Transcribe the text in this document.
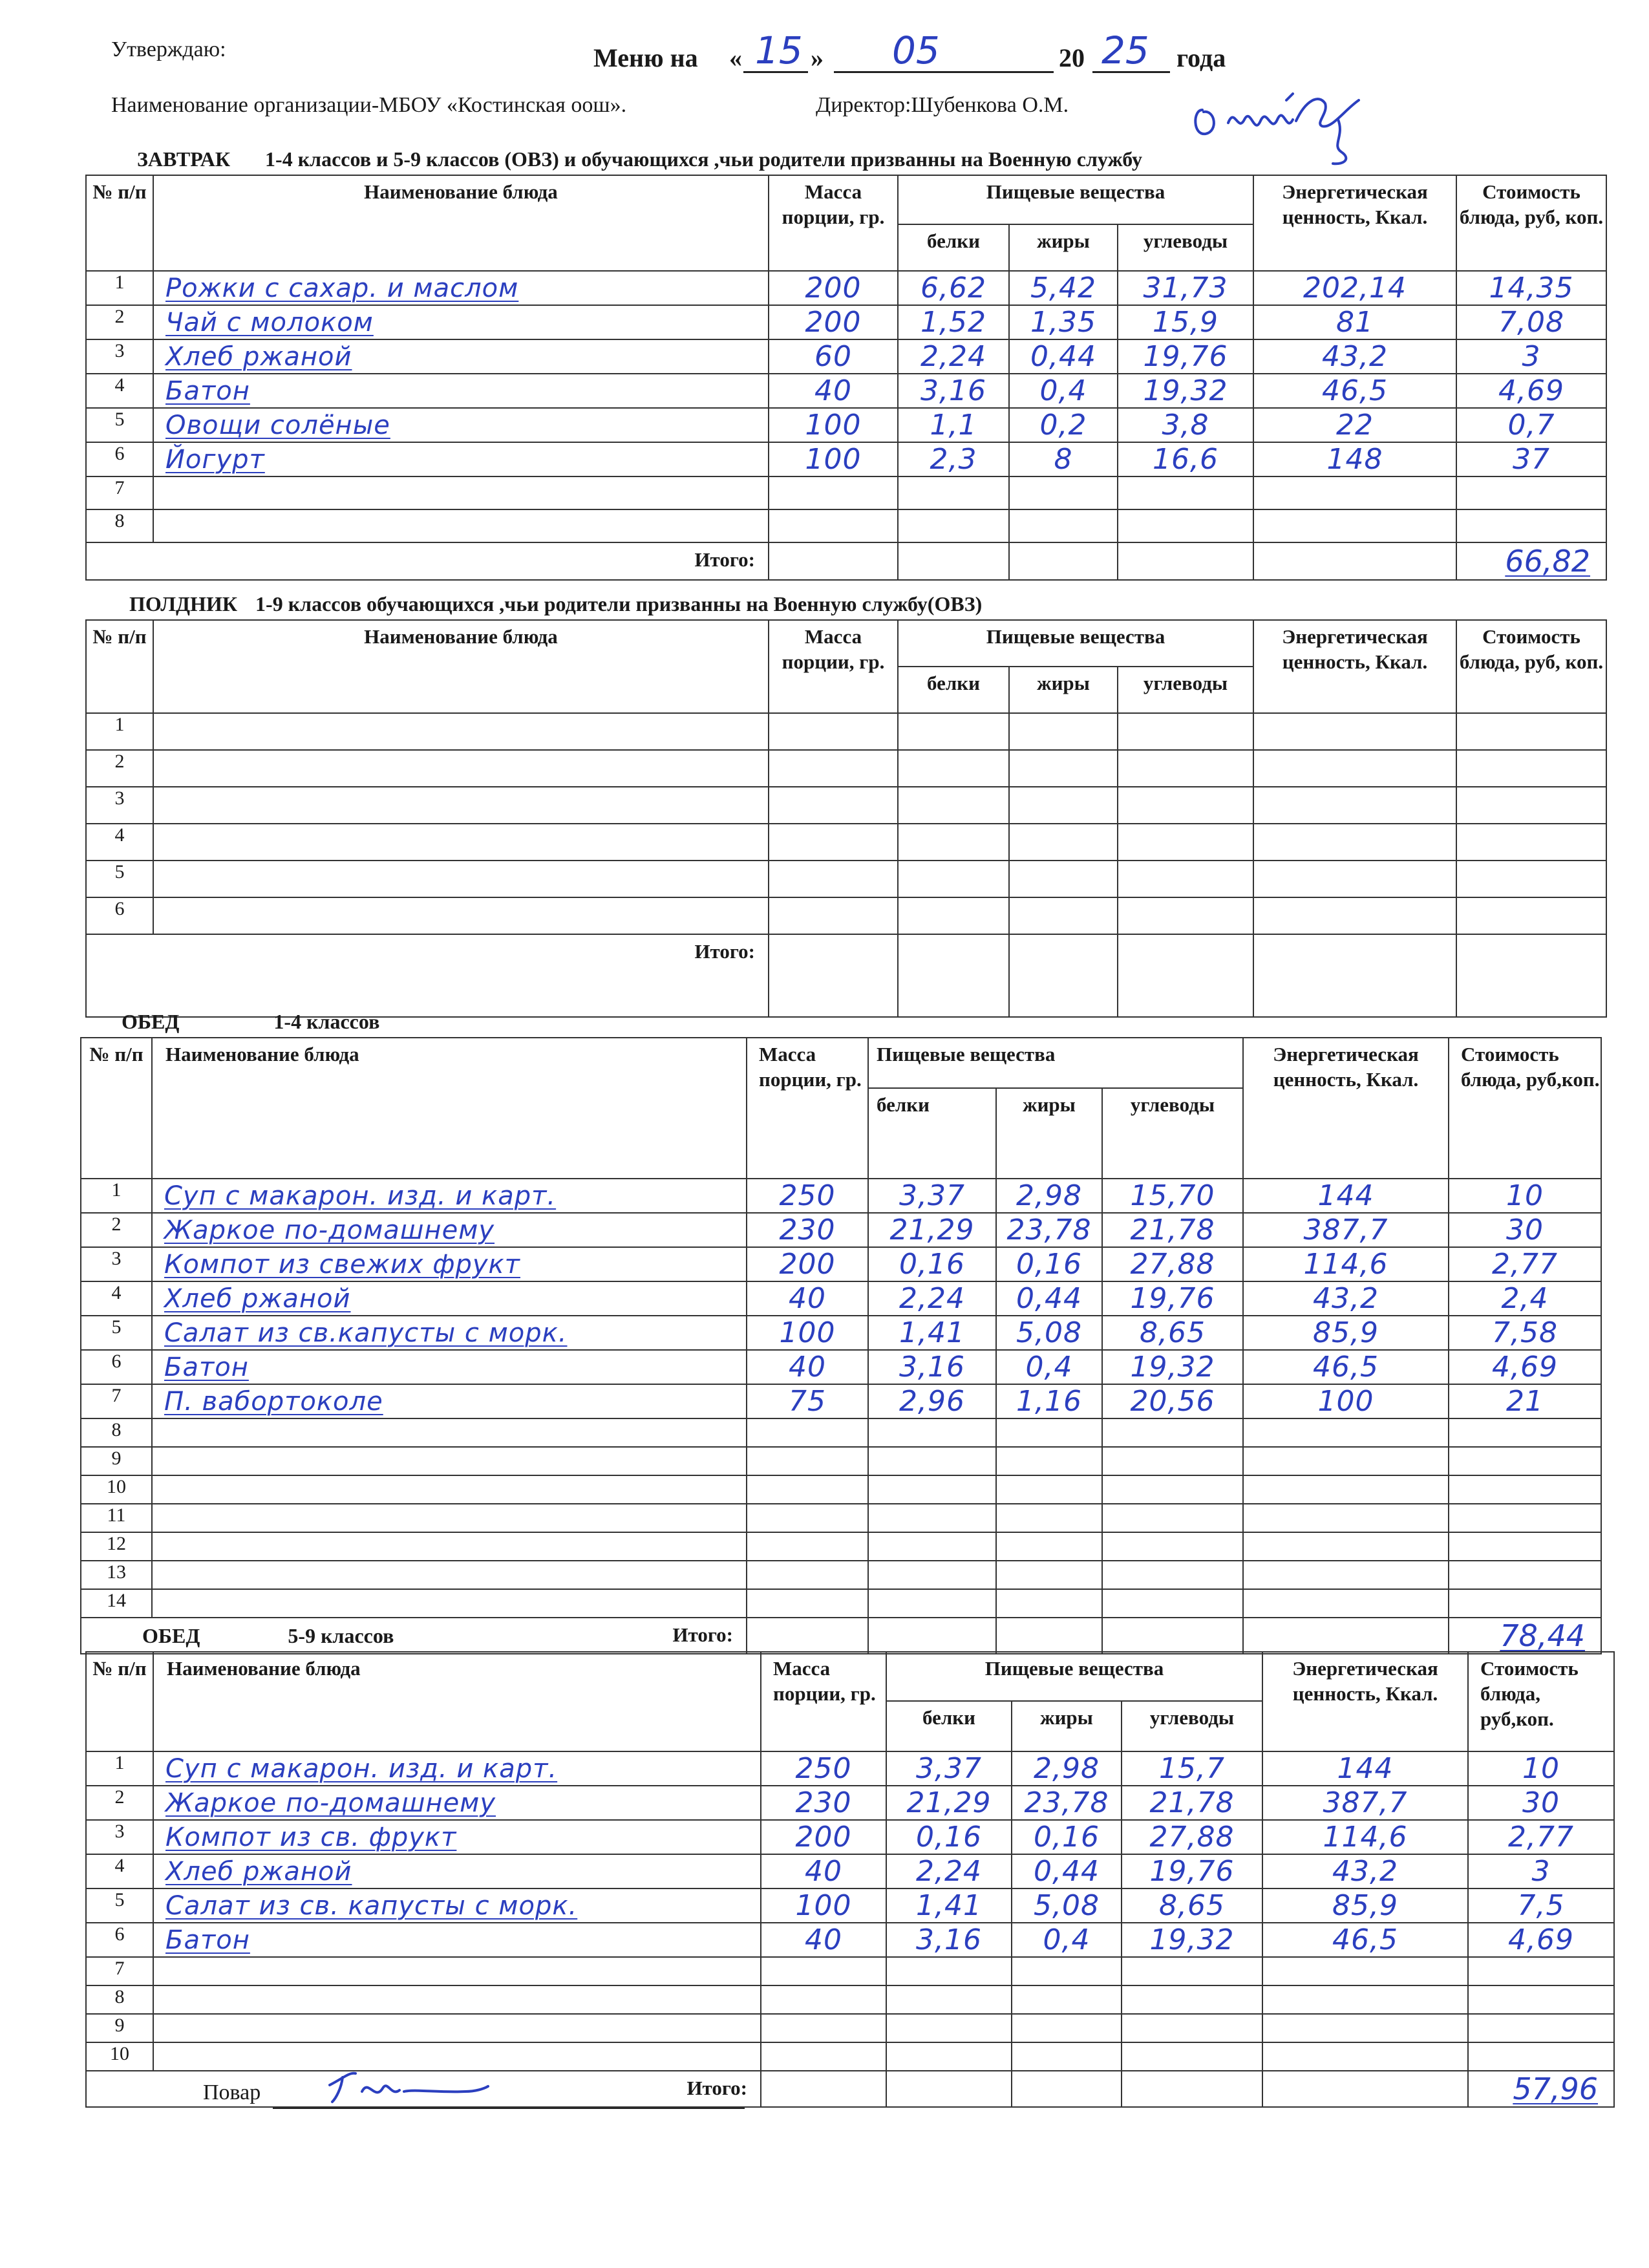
Утверждаю:	Меню на « 15 » 05	20 25 года
Наименование организации-МБОУ «Костинская оош».	Директор:Шубенкова О.М.
ЗАВТРАК 1-4 классов и 5-9 классов (ОВЗ) и обучающихся ,чьи родители призванны на Военную службу
№ п/п	Наименование блюда	Масса порции, гр.	Пищевые вещества			Энергетическая ценность, Ккал.	Стоимость блюда, руб, коп.
			белки	жиры	углеводы		
1	Рожки с сахар. и маслом	200	6,62	5,42	31,73	202,14	14,35
2	Чай с молоком	200	1,52	1,35	15,9	81	7,08
3	Хлеб ржаной	60	2,24	0,44	19,76	43,2	3
4	Батон	40	3,16	0,4	19,32	46,5	4,69
5	Овощи солёные	100	1,1	0,2	3,8	22	0,7
6	Йогурт	100	2,3	8	16,6	148	37
7							
8							
Итого:							66,82
ПОЛДНИК 1-9 классов обучающихся ,чьи родители призванны на Военную службу(ОВЗ)
№ п/п	Наименование блюда	Масса порции, гр.	Пищевые вещества			Энергетическая ценность, Ккал.	Стоимость блюда, руб, коп.
			белки	жиры	углеводы		
1							
2							
3							
4							
5							
6							
Итого:							
ОБЕД	1-4 классов
№ п/п	Наименование блюда	Масса порции, гр.	Пищевые вещества			Энергетическая ценность, Ккал.	Стоимость блюда, руб,коп.
			белки	жиры	углеводы		
1	Суп с макарон. изд. и карт.	250	3,37	2,98	15,70	144	10
2	Жаркое по-домашнему	230	21,29	23,78	21,78	387,7	30
3	Компот из свежих фрукт	200	0,16	0,16	27,88	114,6	2,77
4	Хлеб ржаной	40	2,24	0,44	19,76	43,2	2,4
5	Салат из св.капусты с морк.	100	1,41	5,08	8,65	85,9	7,58
6	Батон	40	3,16	0,4	19,32	46,5	4,69
7	П. вабортоколе	75	2,96	1,16	20,56	100	21
8							
9							
10							
11							
12							
13							
14							
Итого:							78,44
ОБЕД	5-9 классов
№ п/п	Наименование блюда	Масса порции, гр.	Пищевые вещества			Энергетическая ценность, Ккал.	Стоимость блюда, руб,коп.
			белки	жиры	углеводы		
1	Суп с макарон. изд. и карт.	250	3,37	2,98	15,7	144	10
2	Жаркое по-домашнему	230	21,29	23,78	21,78	387,7	30
3	Компот из св. фрукт	200	0,16	0,16	27,88	114,6	2,77
4	Хлеб ржаной	40	2,24	0,44	19,76	43,2	3
5	Салат из св. капусты с морк.	100	1,41	5,08	8,65	85,9	7,5
6	Батон	40	3,16	0,4	19,32	46,5	4,69
7							
8							
9							
10							
Итого:							57,96
Повар
